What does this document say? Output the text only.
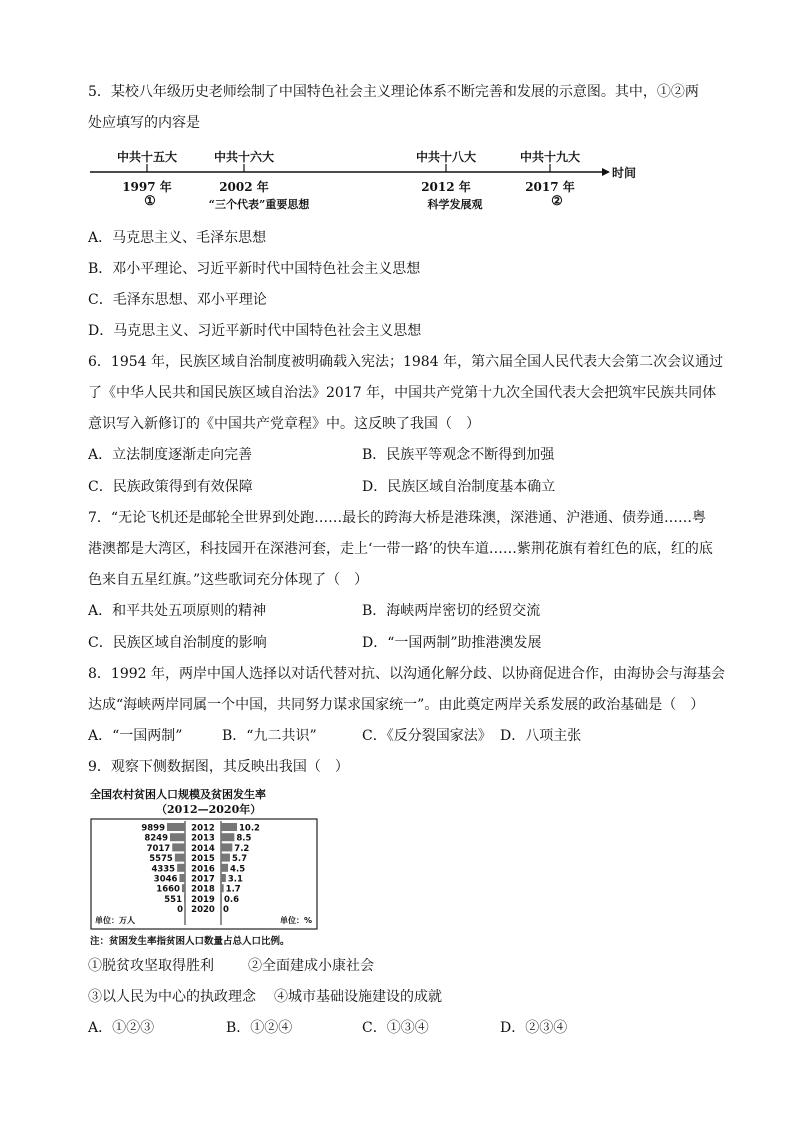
5．某校八年级历史老师绘制了中国特色社会主义理论体系不断完善和发展的示意图。其中，①②两
处应填写的内容是
中共十五大	中共十六大	中共十八大	中共十九大
时间
1997 年	2002 年	2012 年	2017 年
①	“三个代表”重要思想	科学发展观	②
A．马克思主义、毛泽东思想
B．邓小平理论、习近平新时代中国特色社会主义思想
C．毛泽东思想、邓小平理论
D．马克思主义、习近平新时代中国特色社会主义思想
6．1954 年，民族区域自治制度被明确载入宪法；1984 年，第六届全国人民代表大会第二次会议通过
了《中华人民共和国民族区域自治法》2017 年，中国共产党第十九次全国代表大会把筑牢民族共同体
意识写入新修订的《中国共产党章程》中。这反映了我国（　）
A．立法制度逐渐走向完善	B．民族平等观念不断得到加强
C．民族政策得到有效保障	D．民族区域自治制度基本确立
7．“无论飞机还是邮轮全世界到处跑……最长的跨海大桥是港珠澳，深港通、沪港通、债券通……粤
港澳都是大湾区，科技园开在深港河套，走上‘一带一路’的快车道……紫荆花旗有着红色的底，红的底
色来自五星红旗。”这些歌词充分体现了（　）
A．和平共处五项原则的精神	B．海峡两岸密切的经贸交流
C．民族区域自治制度的影响	D．“一国两制”助推港澳发展
8．1992 年，两岸中国人选择以对话代替对抗、以沟通化解分歧、以协商促进合作，由海协会与海基会
达成“海峡两岸同属一个中国，共同努力谋求国家统一”。由此奠定两岸关系发展的政治基础是（　）
A．“一国两制”	B．“九二共识”	C．《反分裂国家法》 D．八项主张
9．观察下侧数据图，其反映出我国（　）
全国农村贫困人口规模及贫困发生率
（2012—2020年）
9899	2012	10.2
8249	2013	8.5
7017 2014 7.2
5575 2015 5.7
4335 2016 4.5
3046 2017 3.1
1660 2018 1.7
551 2019 0.6
0 2020 0
单位：万人	单位：%
注：贫困发生率指贫困人口数量占总人口比例。
①脱贫攻坚取得胜利 ②全面建成小康社会
③以人民为中心的执政理念 ④城市基础设施建设的成就
A．①②③	B．①②④	C．①③④	D．②③④
